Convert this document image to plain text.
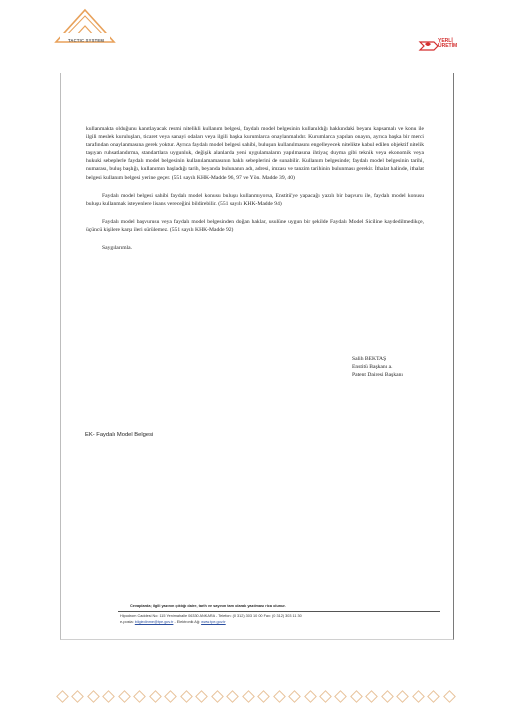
TACTIC SYSTEM	YERLİ
ÜRETİM

kullanmakta olduğunu kanıtlayacak resmi nitelikli kullanım belgesi, faydalı model belgesinin kullanıldığı hakkındaki beyanı kapsamalı ve konu ile ilgili meslek kuruluşları, ticaret veya sanayi odaları veya ilgili başka kurumlarca onaylanmalıdır. Kurumlarca yapılan onayın, ayrıca başka bir merci tarafından onaylanmasına gerek yoktur. Ayrıca faydalı model belgesi sahibi, buluşun kullanılmasını engelleyecek nitelikte kabul edilen objektif nitelik taşıyan ruhsatlandırma, standartlara uygunluk, değişik alanlarda yeni uygulamaların yapılmasına ihtiyaç duyma gibi teknik veya ekonomik veya hukuki sebeplerle faydalı model belgesinin kullanılamamasının haklı sebeplerini de sunabilir. Kullanım belgesinde; faydalı model belgesinin tarihi, numarası, buluş başlığı, kullanımın başladığı tarih, beyanda bulunanın adı, adresi, imzası ve tanzim tarihinin bulunması gerekir. İthalat halinde, ithalat belgesi kullanım belgesi yerine geçer. (551 sayılı KHK-Madde 96, 97 ve Yön. Madde 39, 40)

Faydalı model belgesi sahibi faydalı model konusu buluşu kullanmıyorsa, Enstitü'ye yapacağı yazılı bir başvuru ile, faydalı model konusu buluşu kullanmak isteyenlere lisans vereceğini bildirebilir. (551 sayılı KHK-Madde 94)

Faydalı model başvurusu veya faydalı model belgesinden doğan haklar, usulüne uygun bir şekilde Faydalı Model Siciline kaydedilmedikçe, üçüncü kişilere karşı ileri sürülemez. (551 sayılı KHK-Madde 92)

Saygılarımla.

Salih BEKTAŞ
Enstitü Başkanı a.
Patent Dairesi Başkanı
EK- Faydalı Model Belgesi
Cevaplarda; ilgili yazının çıktığı daire, tarih ve sayının tam olarak yazılması rica olunur.
Hipodrom Caddesi No: 115 Yenimahalle 06330 ANKARA - Telefon: (0 312) 303 10 00 Fax: (0 312) 303 11 30
e-posta: bilgiedinme@tpe.gov.tr - Elektronik Ağ: www.tpe.gov.tr
